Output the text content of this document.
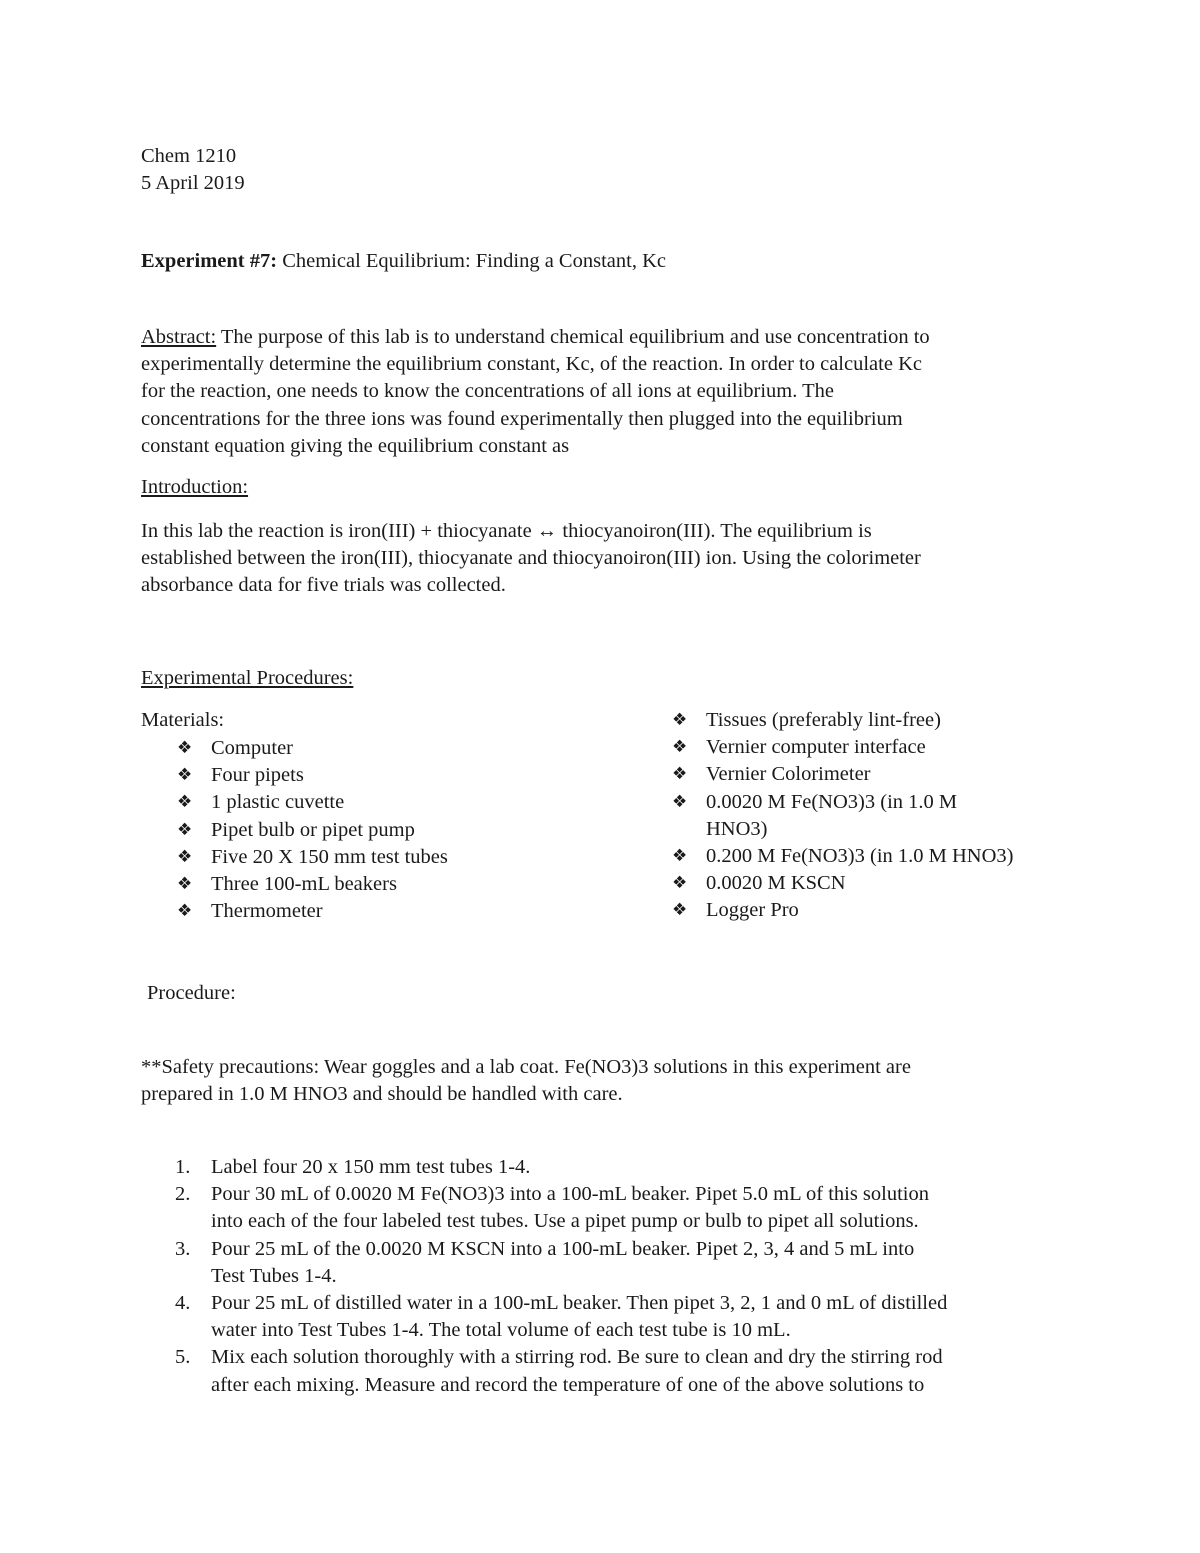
Chem 1210
5 April 2019
Experiment #7: Chemical Equilibrium: Finding a Constant, Kc
Abstract: The purpose of this lab is to understand chemical equilibrium and use concentration to
experimentally determine the equilibrium constant, Kc, of the reaction. In order to calculate Kc
for the reaction, one needs to know the concentrations of all ions at equilibrium. The
concentrations for the three ions was found experimentally then plugged into the equilibrium
constant equation giving the equilibrium constant as
Introduction:
In this lab the reaction is iron(III) + thiocyanate ↔ thiocyanoiron(III). The equilibrium is
established between the iron(III), thiocyanate and thiocyanoiron(III) ion. Using the colorimeter
absorbance data for five trials was collected.
Experimental Procedures:
Materials:
❖ Computer
❖ Four pipets
❖ 1 plastic cuvette
❖ Pipet bulb or pipet pump
❖ Five 20 X 150 mm test tubes
❖ Three 100-mL beakers
❖ Thermometer
❖ Tissues (preferably lint-free)
❖ Vernier computer interface
❖ Vernier Colorimeter
❖ 0.0020 M Fe(NO3)3 (in 1.0 M
HNO3)
❖ 0.200 M Fe(NO3)3 (in 1.0 M HNO3)
❖ 0.0020 M KSCN
❖ Logger Pro
Procedure:
**Safety precautions: Wear goggles and a lab coat. Fe(NO3)3 solutions in this experiment are
prepared in 1.0 M HNO3 and should be handled with care.
1. Label four 20 x 150 mm test tubes 1-4.
2. Pour 30 mL of 0.0020 M Fe(NO3)3 into a 100-mL beaker. Pipet 5.0 mL of this solution
into each of the four labeled test tubes. Use a pipet pump or bulb to pipet all solutions.
3. Pour 25 mL of the 0.0020 M KSCN into a 100-mL beaker. Pipet 2, 3, 4 and 5 mL into
Test Tubes 1-4.
4. Pour 25 mL of distilled water in a 100-mL beaker. Then pipet 3, 2, 1 and 0 mL of distilled
water into Test Tubes 1-4. The total volume of each test tube is 10 mL.
5. Mix each solution thoroughly with a stirring rod. Be sure to clean and dry the stirring rod
after each mixing. Measure and record the temperature of one of the above solutions to
